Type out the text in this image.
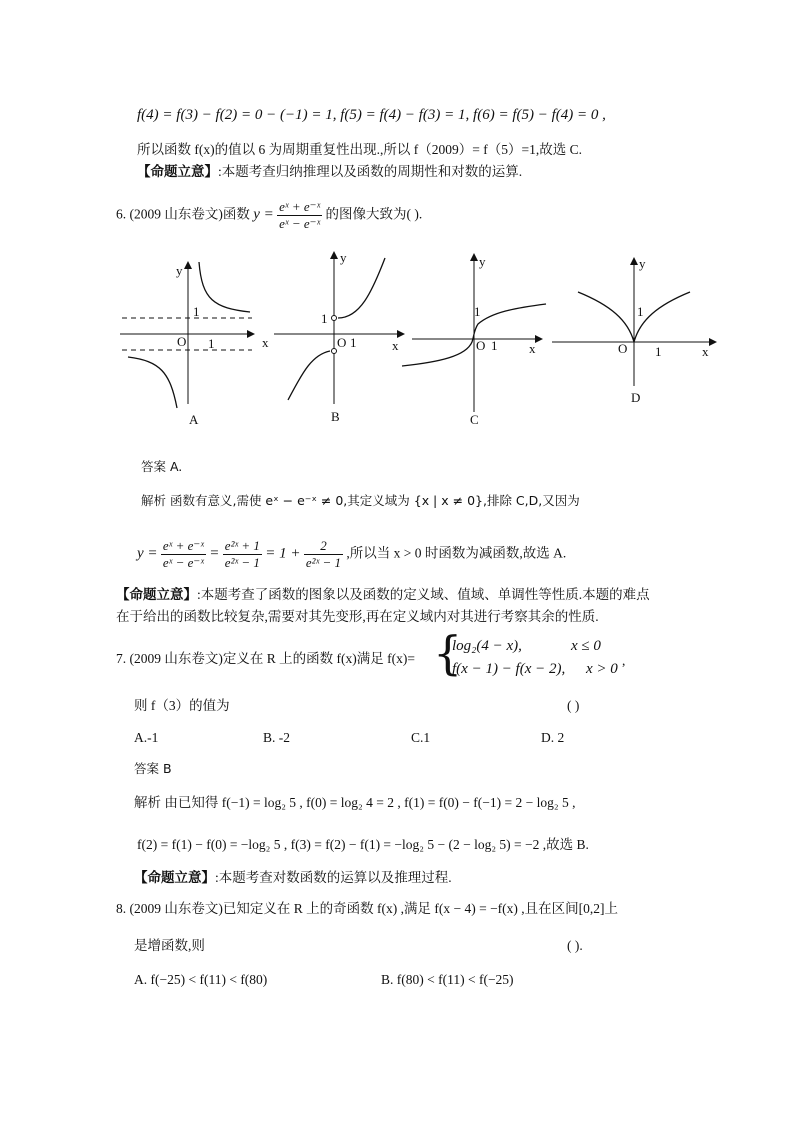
f(4) = f(3) − f(2) = 0 − (−1) = 1, f(5) = f(4) − f(3) = 1, f(6) = f(5) − f(4) = 0 ,
所以函数 f(x)的值以 6 为周期重复性出现.,所以 f（2009）= f（5）=1,故选 C.
【命题立意】:本题考查归纳推理以及函数的周期性和对数的运算.
6. (2009 山东卷文)函数 $y = \frac{\text{eˣ + e⁻ˣ}}{\text{eˣ − e⁻ˣ}}$ 的图像大致为( ).
y
x
O 1
1
A
y
x
O 1
1
B
y
x
O 1
1
C
y
x
O 1
1
D
答案 A.
解析 函数有意义,需使 eˣ − e⁻ˣ ≠ 0,其定义域为 {x | x ≠ 0},排除 C,D,又因为
$y = \frac{\text{eˣ + e⁻ˣ}}{\text{eˣ − e⁻ˣ}} = \frac{\text{e²ˣ + 1}}{\text{e²ˣ − 1}} = 1 + \frac{2}{\text{e²ˣ − 1}}$ ,所以当 x > 0 时函数为减函数,故选 A.
【命题立意】:本题考查了函数的图象以及函数的定义域、值域、单调性等性质.本题的难点
在于给出的函数比较复杂,需要对其先变形,再在定义域内对其进行考察其余的性质.
7. (2009 山东卷文)定义在 R 上的函数 f(x)满足 f(x)= {
log₂(4 − x),	x ≤ 0
f(x − 1) − f(x − 2), x > 0
,
则 f（3）的值为	( )
A.-1	B. -2	C.1	D. 2
答案 B
解析 由已知得 f(−1) = log₂ 5 , f(0) = log₂ 4 = 2 , f(1) = f(0) − f(−1) = 2 − log₂ 5 ,
f(2) = f(1) − f(0) = −log₂ 5 , f(3) = f(2) − f(1) = −log₂ 5 − (2 − log₂ 5) = −2 ,故选 B.
【命题立意】:本题考查对数函数的运算以及推理过程.
8. (2009 山东卷文)已知定义在 R 上的奇函数 f(x) ,满足 f(x − 4) = −f(x) ,且在区间[0,2]上
是增函数,则	( ).
A. f(−25) < f(11) < f(80)	B. f(80) < f(11) < f(−25)
